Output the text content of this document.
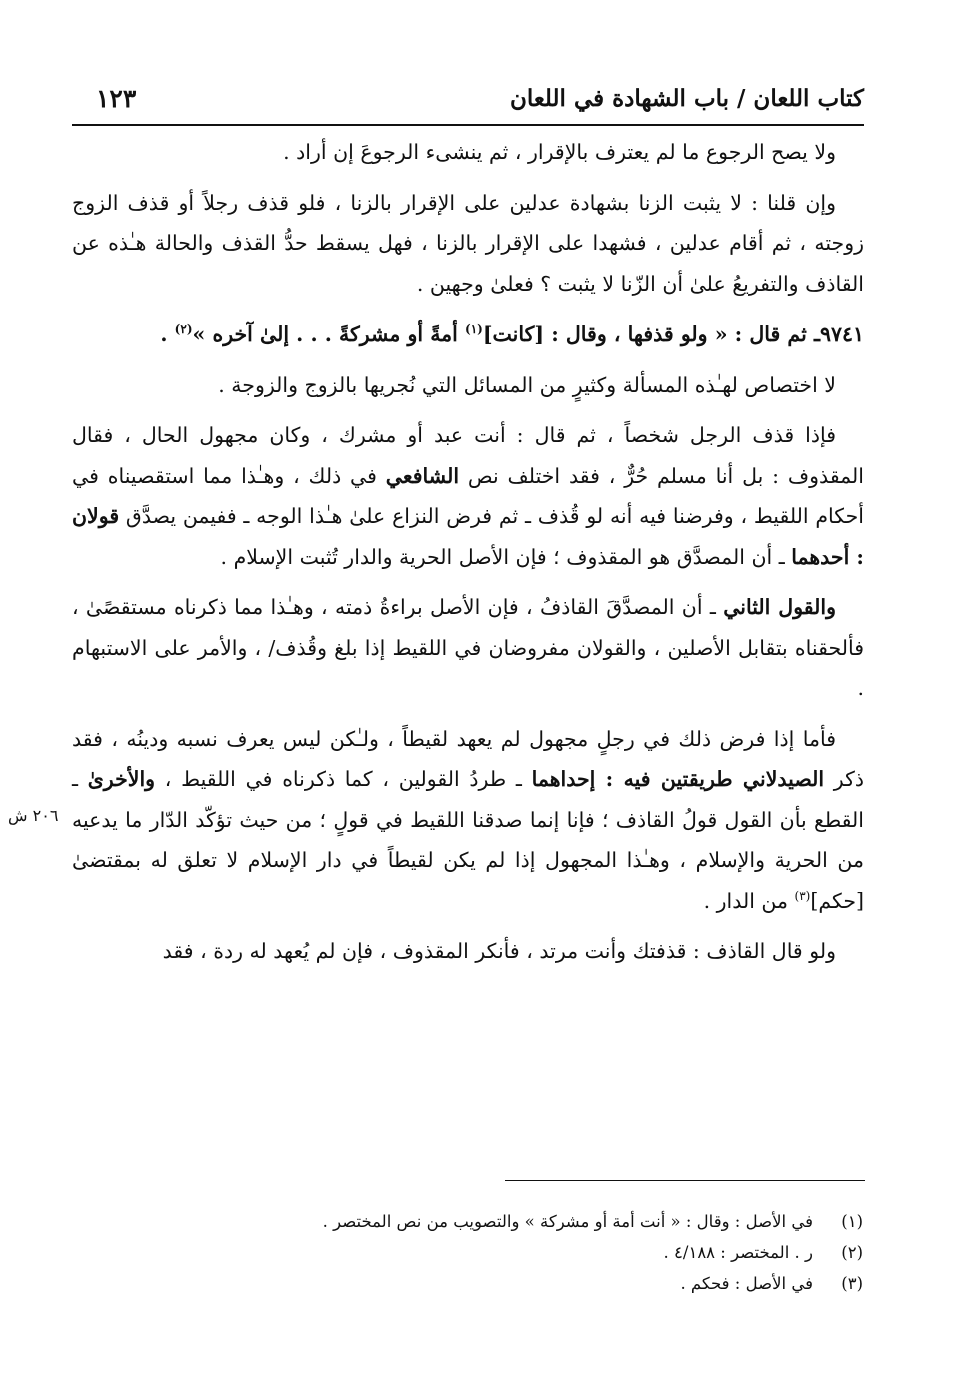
كتاب اللعان / باب الشهادة في اللعان
١٢٣

ولا يصح الرجوع ما لم يعترف بالإقرار ، ثم ينشىء الرجوعَ إن أراد .

وإن قلنا : لا يثبت الزنا بشهادة عدلين على الإقرار بالزنا ، فلو قذف رجلاً أو قذف الزوج زوجته ، ثم أقام عدلين ، فشهدا على الإقرار بالزنا ، فهل يسقط حدُّ القذف والحالة هـٰذه عن القاذف والتفريعُ علىٰ أن الزّنا لا يثبت ؟ فعلىٰ وجهين .

٩٧٤١ـ ثم قال : « ولو قذفها ، وقال : [كانت]$^{(١)}$ أمةً أو مشركةً . . . إلىٰ آخره »$^{(٢)}$ .

لا اختصاص لهـٰذه المسألة وكثيرٍ من المسائل التي نُجريها بالزوج والزوجة .

فإذا قذف الرجل شخصاً ، ثم قال : أنت عبد أو مشرك ، وكان مجهول الحال ، فقال المقذوف : بل أنا مسلم حُرٌّ ، فقد اختلف نص الشافعي في ذلك ، وهـٰذا مما استقصيناه في أحكام اللقيط ، وفرضنا فيه أنه لو قُذف ـ ثم فرض النزاع علىٰ هـٰذا الوجه ـ ففيمن يصدَّق قولان : أحدهما ـ أن المصدَّق هو المقذوف ؛ فإن الأصل الحرية والدار تُثبت الإسلام .

والقول الثاني ـ أن المصدَّقَ القاذفُ ، فإن الأصل براءةُ ذمته ، وهـٰذا مما ذكرناه مستقصًىٰ ، فألحقناه بتقابل الأصلين ، والقولان مفروضان في اللقيط إذا بلغ وقُذف/ ، والأمر على الاستبهام .

فأما إذا فرض ذلك في رجلٍ مجهول لم يعهد لقيطاً ، ولـٰكن ليس يعرف نسبه ودينُه ، فقد ذكر الصيدلاني طريقتين فيه : إحداهما ـ طردُ القولين ، كما ذكرناه في اللقيط ، والأخرىٰ ـ القطع بأن القول قولُ القاذف ؛ فإنا إنما صدقنا اللقيط في قولٍ ؛ من حيث تؤكّد الدّار ما يدعيه من الحرية والإسلام ، وهـٰذا المجهول إذا لم يكن لقيطاً في دار الإسلام لا تعلق له بمقتضىٰ [حكم]$^{(٣)}$ من الدار .

ولو قال القاذف : قذفتك وأنت مرتد ، فأنكر المقذوف ، فإن لم يُعهد له ردة ، فقد

٢٠٦ ش
(١)
في الأصل : وقال : « أنت أمة أو مشركة » والتصويب من نص المختصر .
(٢)
ر . المختصر : ٤/١٨٨ .
(٣)
في الأصل : فحكم .
